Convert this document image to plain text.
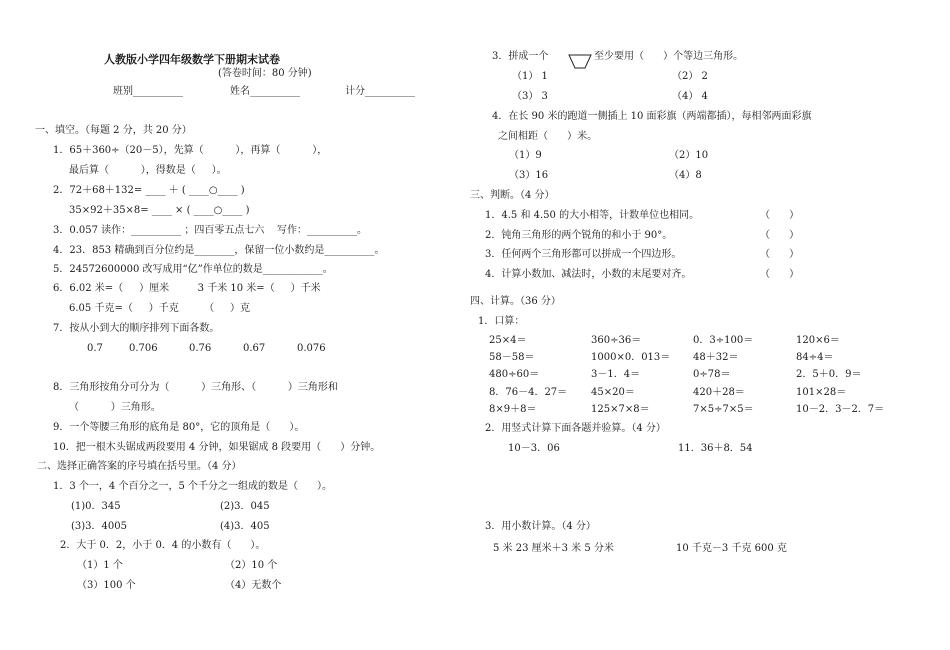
人教版小学四年级数学下册期末试卷
(答卷时间：80 分钟)
班别__________	姓名__________	计分__________
一、填空。（每题 2 分，共 20 分）
1．65＋360÷（20－5），先算（          ），再算（          ），
最后算（          ），得数是（     ）。
2．72＋68＋132= ____ ＋ ( ____○____ )
35×92＋35×8= ____ × ( ____○____ )
3．0.057 读作：__________ ；四百零五点七六    写作：__________。
4．23．853 精确到百分位约是________，保留一位小数约是__________。
5．24572600000 改写成用“亿”作单位的数是____________。
6．6.02 米=（     ）厘米         3 千米 10 米=（     ）千米
6.05 千克=（     ）千克        （     ）克
7．按从小到大的顺序排列下面各数。
0.7	0.706	0.76	0.67	0.076
8．三角形按角分可分为（          ）三角形、（          ）三角形和
（          ）三角形。
9．一个等腰三角形的底角是 80°，它的顶角是（      ）。
10．把一根木头锯成两段要用 4 分钟，如果锯成 8 段要用（      ）分钟。
二、选择正确答案的序号填在括号里。（4 分）
1．3 个一，4 个百分之一，5 个千分之一组成的数是（      ）。
(1)0．345	(2)3．045
(3)3．4005	(4)3．405
2．大于 0．2，小于 0．4 的小数有（      ）。
（1）1 个	（2）10 个
（3）100 个	（4）无数个
3．拼成一个	至少要用（      ）个等边三角形。
（1） 1	（2） 2
（3） 3	（4） 4
4．在长 90 米的跑道一侧插上 10 面彩旗（两端都插），每相邻两面彩旗
之间相距（      ）米。
（1）9	（2）10
（3）16	（4）8
三、判断。（4 分）
1．4.5 和 4.50 的大小相等，计数单位也相同。	（      ）
2．钝角三角形的两个锐角的和小于 90°。	（      ）
3．任何两个三角形都可以拼成一个四边形。	（      ）
4．计算小数加、减法时，小数的末尾要对齐。	（      ）
四、计算。（36 分）
1．口算：
25×4＝	360÷36＝	0．3÷100＝	120×6＝
58－58＝	1000×0．013＝ 48＋32＝	84÷4＝
480÷60＝	3－1．4＝	0÷78＝	2．5＋0．9＝
8．76－4．27＝ 45×20＝	420＋28＝	101×28＝
8×9＋8＝	125×7×8＝	7×5÷7×5＝	10－2．3－2．7＝
2．用竖式计算下面各题并验算。（4 分）
10－3．06	11．36＋8．54
3．用小数计算。（4 分）
5 米 23 厘米＋3 米 5 分米	10 千克－3 千克 600 克
